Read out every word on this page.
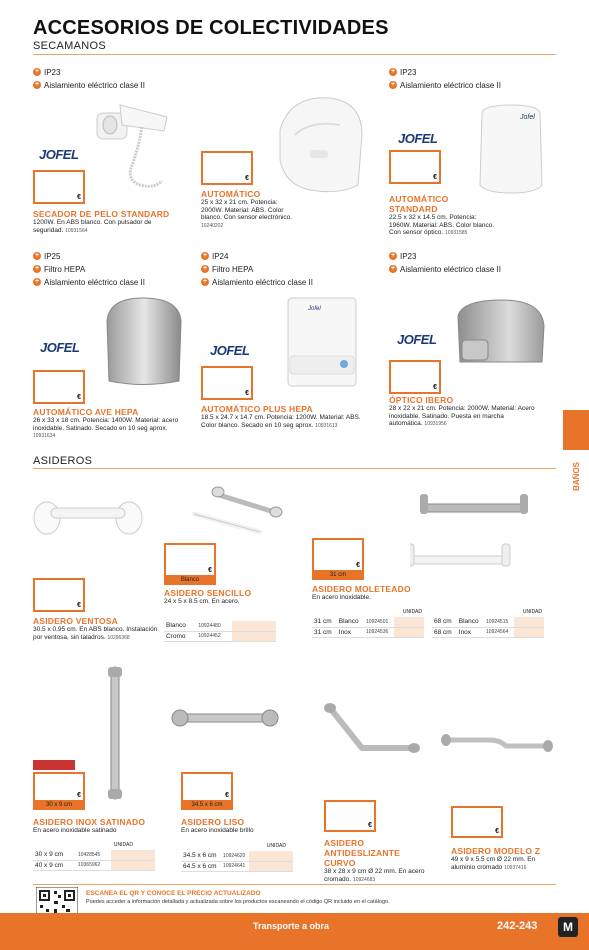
ACCESORIOS DE COLECTIVIDADES
SECAMANOS
BAÑOS
+ IP23
+ Aislamiento eléctrico clase II
JOFEL
€
SECADOR DE PELO STANDARD
1200W. En ABS blanco. Con pulsador de seguridad. 10931564
€
AUTOMÁTICO
25 x 32 x 21 cm. Potencia: 2000W. Material: ABS. Color blanco. Con sensor electrónico. 10240202
+ IP23
+ Aislamiento eléctrico clase II
JOFEL
Jofel
€
AUTOMÁTICO STANDARD
22.5 x 32 x 14.5 cm. Potencia: 1960W. Material: ABS. Color blanco. Con sensor óptico. 10931585
+ IP25
+ Filtro HEPA
+ Aislamiento eléctrico clase II
JOFEL
€
AUTOMÁTICO AVE HEPA
26 x 33 x 18 cm. Potencia: 1400W. Material: acero inoxidable. Satinado. Secado en 10 seg aprox. 10931634
+ IP24
+ Filtro HEPA
+ Aislamiento eléctrico clase II
JOFEL
Jofel
€
AUTOMÁTICO PLUS HEPA
18.5 x 24.7 x 14.7 cm. Potencia: 1200W. Material: ABS. Color blanco. Secado en 10 seg aprox. 10931613
+ IP23
+ Aislamiento eléctrico clase II
JOFEL
€
ÓPTICO IBERO
28 x 22 x 21 cm. Potencia: 2000W. Material: Acero inoxidable. Satinado. Puesta en marcha automática. 10931956
ASIDEROS
€
ASIDERO VENTOSA
30.5 x 0.95 cm. En ABS blanco. Instalación por ventosa, sin taladros. 10296368
€
Blanco
ASIDERO SENCILLO
24 x 5 x 8.5 cm. En acero.
Blanco	10924480	
Cromo	10924452	
€
31 cm
ASIDERO MOLETEADO
En acero inoxidable.
UNIDAD
31 cm	Blanco	10924501	
31 cm	Inox	10924536	
UNIDAD
68 cm	Blanco	10924515	
68 cm	Inox	10924564	
€
30 x 9 cm
ASIDERO INOX SATINADO
En acero inoxidable satinado
UNIDAD
30 x 9 cm	10428545	
40 x 9 cm	10365962	
€
34.5 x 6 cm
ASIDERO LISO
En acero inoxidable brillo
UNIDAD
34.5 x 6 cm	10924620	
64.5 x 6 cm	10924641	
€
ASIDERO ANTIDESLIZANTE CURVO
38 x 28 x 9 cm Ø 22 mm. En acero cromado. 10924683
€
ASIDERO MODELO Z
49 x 9 x 5.5 cm Ø 22 mm. En aluminio cromado 10937416
ESCANEA EL QR Y CONOCE EL PRECIO ACTUALIZADO
Puedes acceder a información detallada y actualizada sobre los productos escaneando el código QR incluido en el catálogo.
Transporte a obra	242-243	M
